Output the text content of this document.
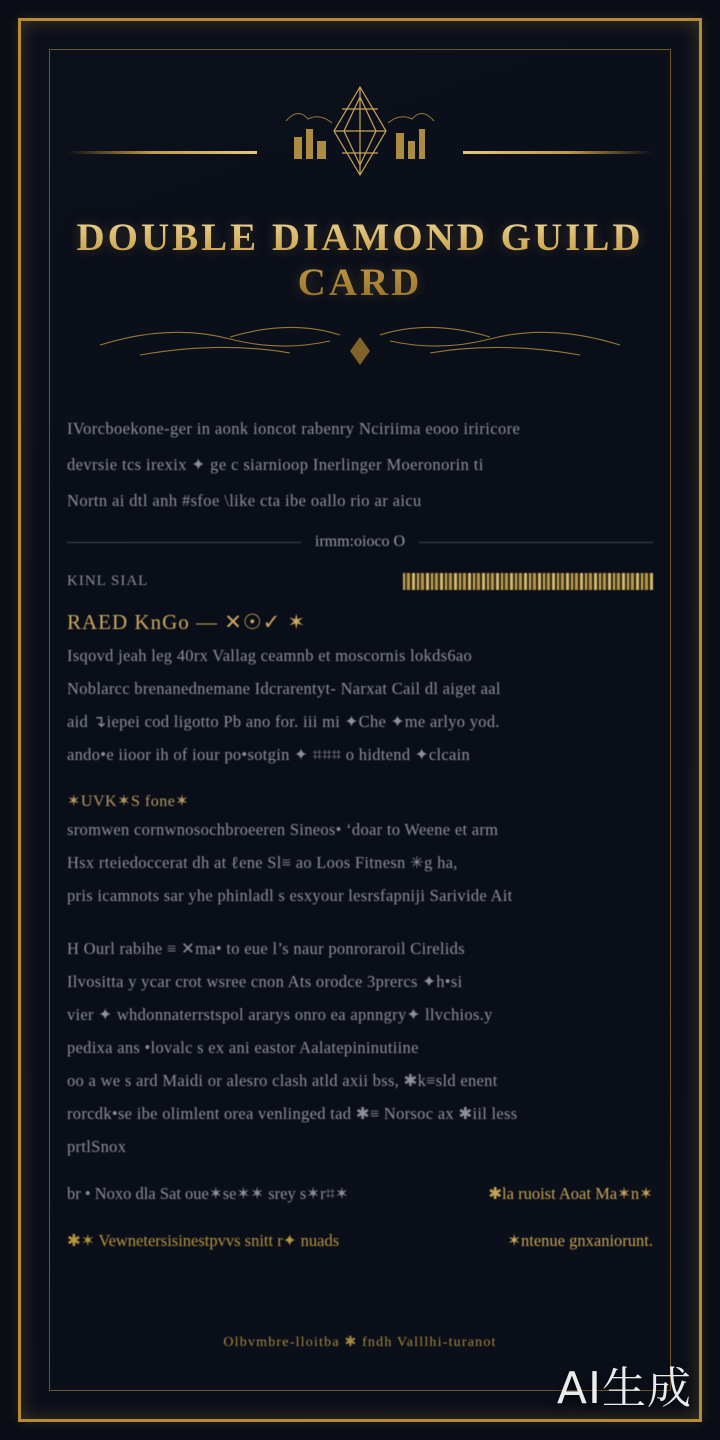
DOUBLE DIAMOND GUILD CARD
IVorcboekone-ger in aonk ioncot rabenry Nciriima eooo iriricore
devrsie tcs irexix ✦ ge c siarnioop Inerlinger Moeronorin ti
Nortn ai dtl anh #sfoe \like cta ibe oallo rio ar aicu
irmm:oioco O
KINL SIAL
RAED KnGo — ✕☉✓ ✶
Isqovd jeah leg 40rx Vallag ceamnb et moscornis lokds6ao
Noblarcc brenanednemane Idcrarentyt- Narxat Cail dl aiget aal
aid ↴iepei cod ligotto Pb ano for. iii mi ✦Che ✦me arlyo yod.
ando•e iioor ih of iour po•sotgin ✦ ⌗⌗⌗ o hidtend ✦clcain
✶UVK✶S fone✶
sromwen cornwnosochbroeeren Sineos• ‘doar to Weene et arm
Hsx rteiedoccerat dh at ℓene Sl≡ ao Loos Fitnesn ✳g ha,
pris icamnots sar yhe phinladl s esxyour lesrsfapniji Sarivide Ait
H Ourl rabihe ≡ ✕ma• to eue l’s naur ponroraroil Cirelids
Ilvositta y ycar crot wsree cnon Ats orodce 3prercs ✦h•si
vier ✦ whdonnaterrstspol ararys onro ea apnngry✦ llvchios.y
pedixa ans •lovalc s ex ani eastor Aalatepininutiine
oo a we s ard Maidi or alesro clash atld axii bss, ✱k≡sld enent
rorcdk•se ibe olimlent orea venlinged tad ✱≡ Norsoc ax ✱iil less
prtlSnox
br • Noxo dla Sat oue✶se✶✶ srey s✶r⌗✶	✱la ruoist Aoat Ma✶n✶
✱✶ Vewnetersisinestpvvs snitt r✦ nuads	✶ntenue gnxaniorunt.
Olbvmbre-lloitba ✱ fndh Valllhi-turanot
AI生成
